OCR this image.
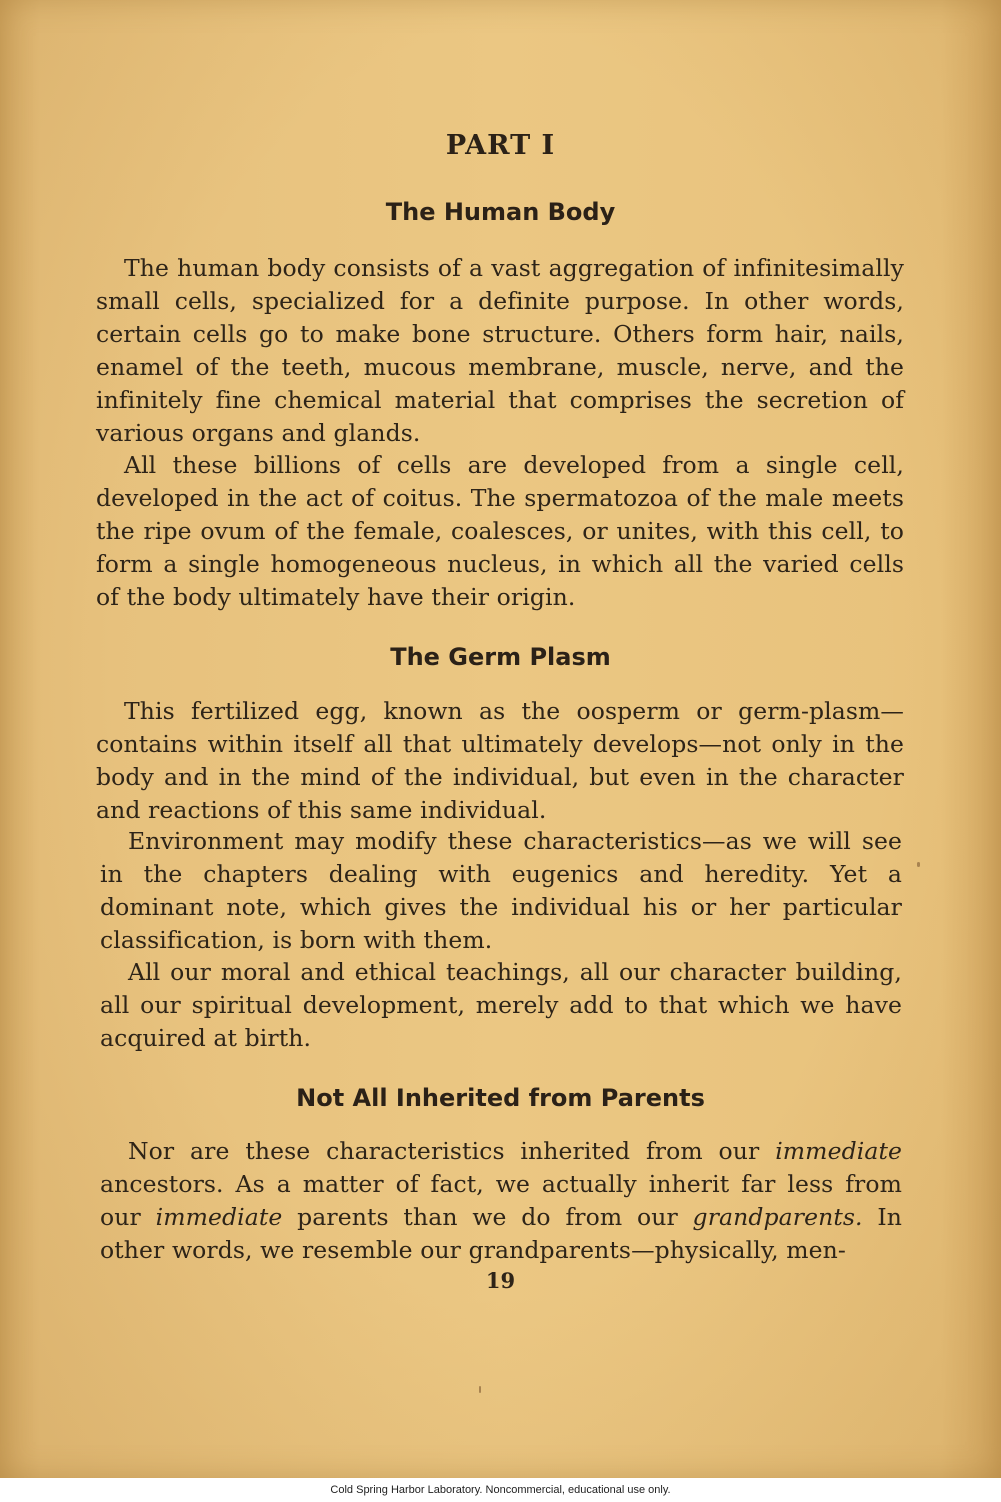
PART I
The Human Body

The human body consists of a vast aggregation of infinitesimally small cells, specialized for a definite purpose. In other words, certain cells go to make bone structure. Others form hair, nails, enamel of the teeth, mucous membrane, muscle, nerve, and the infinitely fine chemical material that comprises the secretion of various organs and glands.

All these billions of cells are developed from a single cell, developed in the act of coitus. The spermatozoa of the male meets the ripe ovum of the female, coalesces, or unites, with this cell, to form a single homogeneous nucleus, in which all the varied cells of the body ultimately have their origin.

The Germ Plasm

This fertilized egg, known as the oosperm or germ-plasm—contains within itself all that ultimately develops—not only in the body and in the mind of the individual, but even in the character and reactions of this same individual.

Environment may modify these characteristics—as we will see in the chapters dealing with eugenics and heredity. Yet a dominant note, which gives the individual his or her particular classification, is born with them.

All our moral and ethical teachings, all our character building, all our spiritual development, merely add to that which we have acquired at birth.

Not All Inherited from Parents

Nor are these characteristics inherited from our immediate ancestors. As a matter of fact, we actually inherit far less from our immediate parents than we do from our grandparents. In other words, we resemble our grandparents—physically, men-

19
Cold Spring Harbor Laboratory. Noncommercial, educational use only.
